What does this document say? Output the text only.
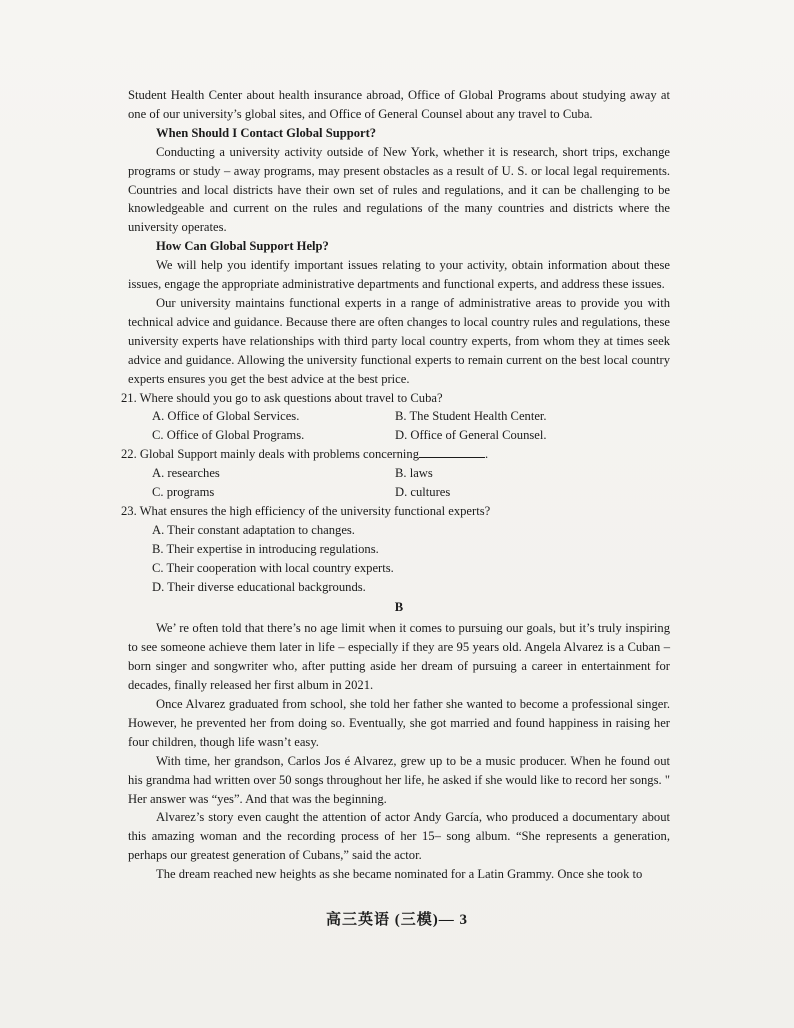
Student Health Center about health insurance abroad, Office of Global Programs about studying away at one of our university’s global sites, and Office of General Counsel about any travel to Cuba.

When Should I Contact Global Support?

Conducting a university activity outside of New York, whether it is research, short trips, exchange programs or study – away programs, may present obstacles as a result of U. S. or local legal requirements. Countries and local districts have their own set of rules and regulations, and it can be challenging to be knowledgeable and current on the rules and regulations of the many countries and districts where the university operates.

How Can Global Support Help?

We will help you identify important issues relating to your activity, obtain information about these issues, engage the appropriate administrative departments and functional experts, and address these issues.

Our university maintains functional experts in a range of administrative areas to provide you with technical advice and guidance. Because there are often changes to local country rules and regulations, these university experts have relationships with third party local country experts, from whom they at times seek advice and guidance. Allowing the university functional experts to remain current on the best local country experts ensures you get the best advice at the best price.

21. Where should you go to ask questions about travel to Cuba?

A. Office of Global Services.	B. The Student Health Center.
C. Office of Global Programs.	D. Office of General Counsel.

22. Global Support mainly deals with problems concerning	.

A. researches	B. laws
C. programs	D. cultures

23. What ensures the high efficiency of the university functional experts?

A. Their constant adaptation to changes.

B. Their expertise in introducing regulations.

C. Their cooperation with local country experts.

D. Their diverse educational backgrounds.

B

We’ re often told that there’s no age limit when it comes to pursuing our goals, but it’s truly inspiring to see someone achieve them later in life – especially if they are 95 years old. Angela Alvarez is a Cuban – born singer and songwriter who, after putting aside her dream of pursuing a career in entertainment for decades, finally released her first album in 2021.

Once Alvarez graduated from school, she told her father she wanted to become a professional singer. However, he prevented her from doing so. Eventually, she got married and found happiness in raising her four children, though life wasn’t easy.

With time, her grandson, Carlos Jos é Alvarez, grew up to be a music producer. When he found out his grandma had written over 50 songs throughout her life, he asked if she would like to record her songs. " Her answer was “yes”. And that was the beginning.

Alvarez’s story even caught the attention of actor Andy García, who produced a documentary about this amazing woman and the recording process of her 15– song album. “She represents a generation, perhaps our greatest generation of Cubans,” said the actor.

The dream reached new heights as she became nominated for a Latin Grammy. Once she took to

高三英语 (三模)— 3
